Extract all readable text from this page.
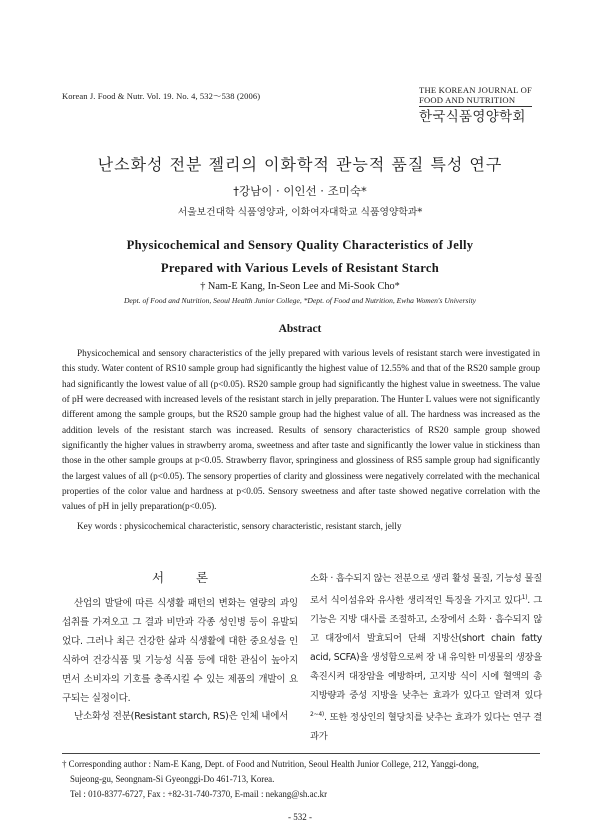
Korean J. Food & Nutr. Vol. 19. No. 4, 532～538 (2006)
THE KOREAN JOURNAL OF
FOOD AND NUTRITION
한국식품영양학회
난소화성 전분 젤리의 이화학적 관능적 품질 특성 연구
†강남이 · 이인선 · 조미숙*
서울보건대학 식품영양과, 이화여자대학교 식품영양학과*
Physicochemical and Sensory Quality Characteristics of Jelly
Prepared with Various Levels of Resistant Starch
† Nam-E Kang, In-Seon Lee and Mi-Sook Cho*
Dept. of Food and Nutrition, Seoul Health Junior College, *Dept. of Food and Nutrition, Ewha Women's University
Abstract
Physicochemical and sensory characteristics of the jelly prepared with various levels of resistant starch were investigated in this study. Water content of RS10 sample group had significantly the highest value of 12.55% and that of the RS20 sample group had significantly the lowest value of all (p<0.05). RS20 sample group had significantly the highest value in sweetness. The value of pH were decreased with increased levels of the resistant starch in jelly preparation. The Hunter L values were not significantly different among the sample groups, but the RS20 sample group had the highest value of all. The hardness was increased as the addition levels of the resistant starch was increased. Results of sensory characteristics of RS20 sample group showed significantly the higher values in strawberry aroma, sweetness and after taste and significantly the lower value in stickiness than those in the other sample groups at p<0.05. Strawberry flavor, springiness and glossiness of RS5 sample group had significantly the largest values of all (p<0.05). The sensory properties of clarity and glossiness were negatively correlated with the mechanical properties of the color value and hardness at p<0.05. Sensory sweetness and after taste showed negative correlation with the values of pH in jelly preparation(p<0.05).
Key words : physicochemical characteristic, sensory characteristic, resistant starch, jelly
서 론

산업의 발달에 따른 식생활 패턴의 변화는 열량의 과잉 섭취를 가져오고 그 결과 비만과 각종 성인병 등이 유발되었다. 그러나 최근 건강한 삶과 식생활에 대한 중요성을 인식하여 건강식품 및 기능성 식품 등에 대한 관심이 높아지면서 소비자의 기호를 충족시킬 수 있는 제품의 개발이 요구되는 실정이다.

난소화성 전분(Resistant starch, RS)은 인체 내에서

소화 · 흡수되지 않는 전분으로 생리 활성 물질, 기능성 물질로서 식이섬유와 유사한 생리적인 특징을 가지고 있다$^{1)}$. 그 기능은 지방 대사를 조절하고, 소장에서 소화 · 흡수되지 않고 대장에서 발효되어 단쇄 지방산(short chain fatty acid, SCFA)을 생성함으로써 장 내 유익한 미생물의 생장을 촉진시켜 대장암을 예방하며, 고지방 식이 시에 혈액의 총 지방량과 중성 지방을 낮추는 효과가 있다고 알려져 있다$^{2\sim 4)}$. 또한 정상인의 혈당치를 낮추는 효과가 있다는 연구 결과가

† Corresponding author : Nam-E Kang, Dept. of Food and Nutrition, Seoul Health Junior College, 212, Yanggi-dong,
Sujeong-gu, Seongnam-Si Gyeonggi-Do 461-713, Korea.
Tel : 010-8377-6727, Fax : +82-31-740-7370, E-mail : nekang@sh.ac.kr
- 532 -
